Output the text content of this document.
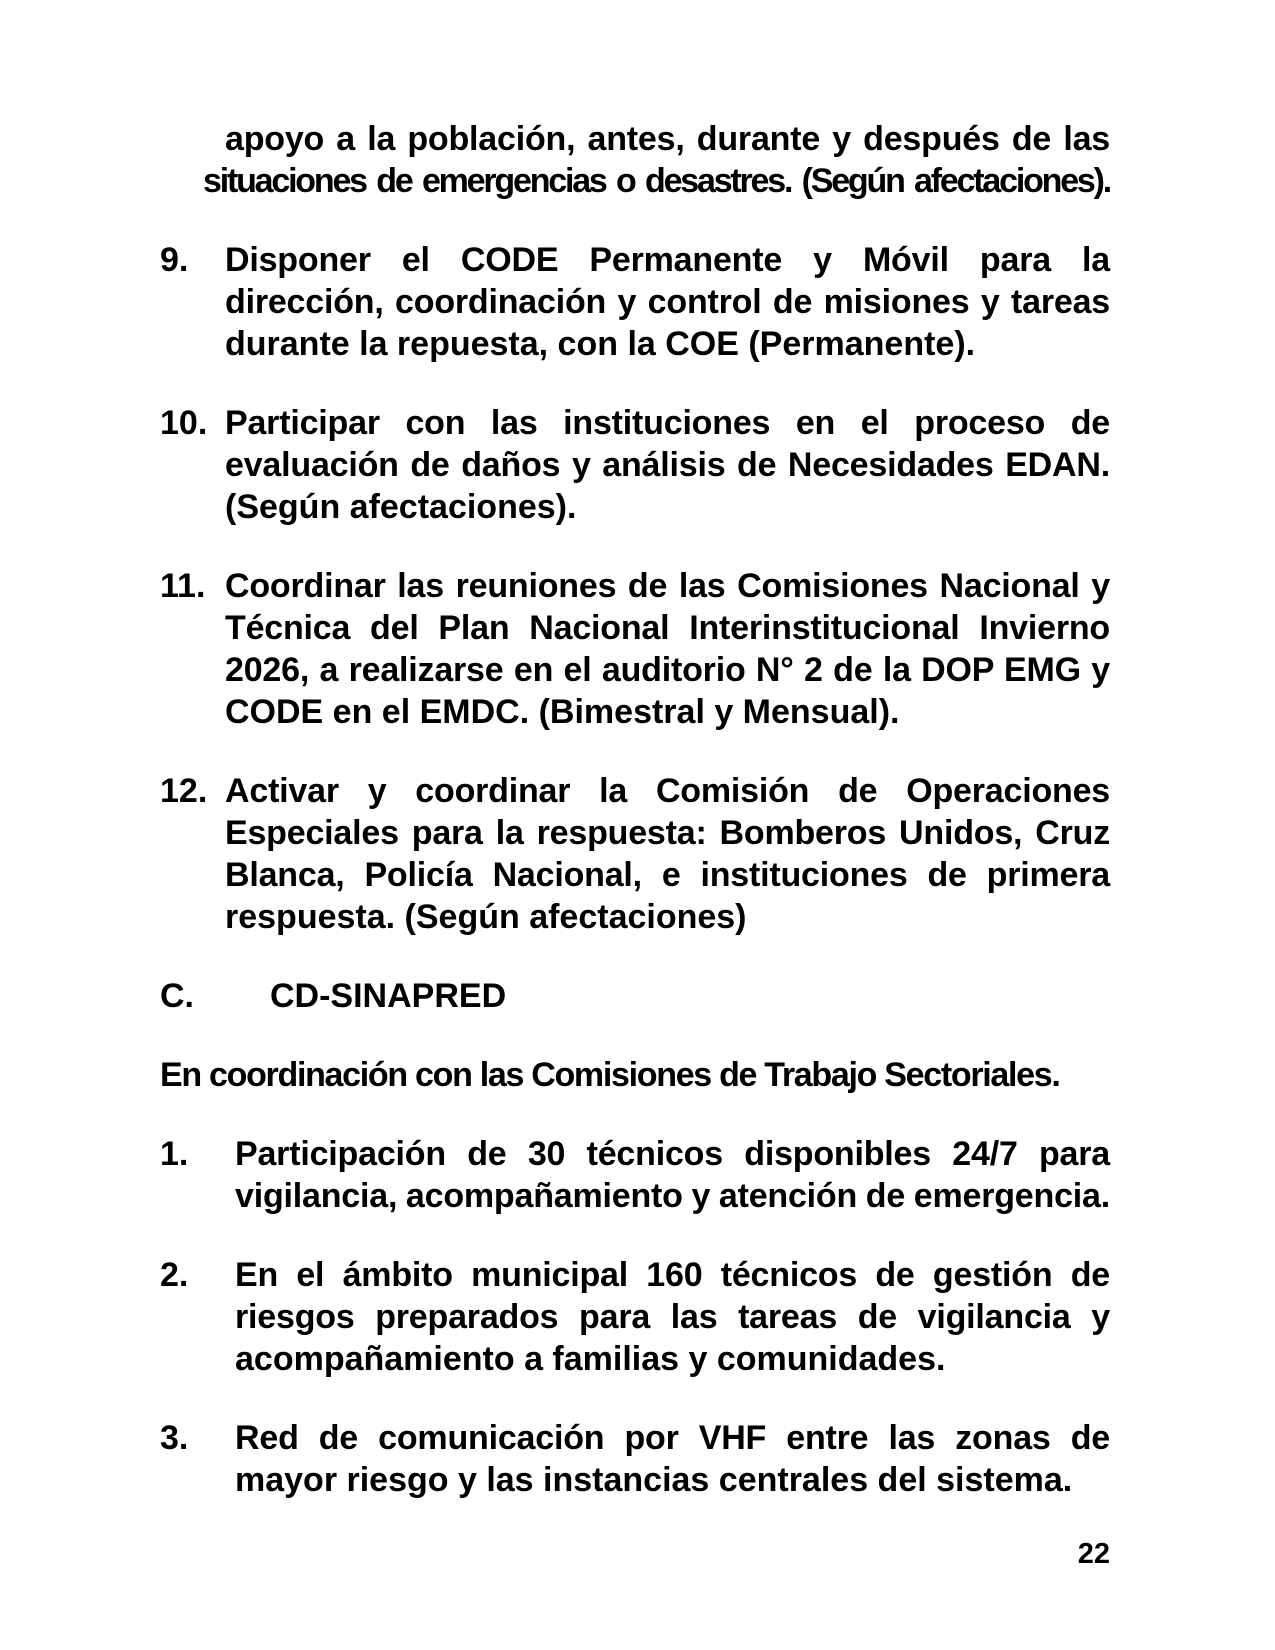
apoyo a la población, antes, durante y después de las
situaciones de emergencias o desastres. (Según afectaciones).
9.	Disponer el CODE Permanente y Móvil para la
dirección, coordinación y control de misiones y tareas
durante la repuesta, con la COE (Permanente).
10. Participar con las instituciones en el proceso de
evaluación de daños y análisis de Necesidades EDAN.
(Según afectaciones).
11. Coordinar las reuniones de las Comisiones Nacional y
Técnica del Plan Nacional Interinstitucional Invierno
2026, a realizarse en el auditorio N° 2 de la DOP EMG y
CODE en el EMDC. (Bimestral y Mensual).
12. Activar y coordinar la Comisión de Operaciones
Especiales para la respuesta: Bomberos Unidos, Cruz
Blanca, Policía Nacional, e instituciones de primera
respuesta. (Según afectaciones)
C.	CD-SINAPRED
En coordinación con las Comisiones de Trabajo Sectoriales.
1.	Participación de 30 técnicos disponibles 24/7 para
vigilancia, acompañamiento y atención de emergencia.
2.	En el ámbito municipal 160 técnicos de gestión de
riesgos preparados para las tareas de vigilancia y
acompañamiento a familias y comunidades.
3.	Red de comunicación por VHF entre las zonas de
mayor riesgo y las instancias centrales del sistema.
22
